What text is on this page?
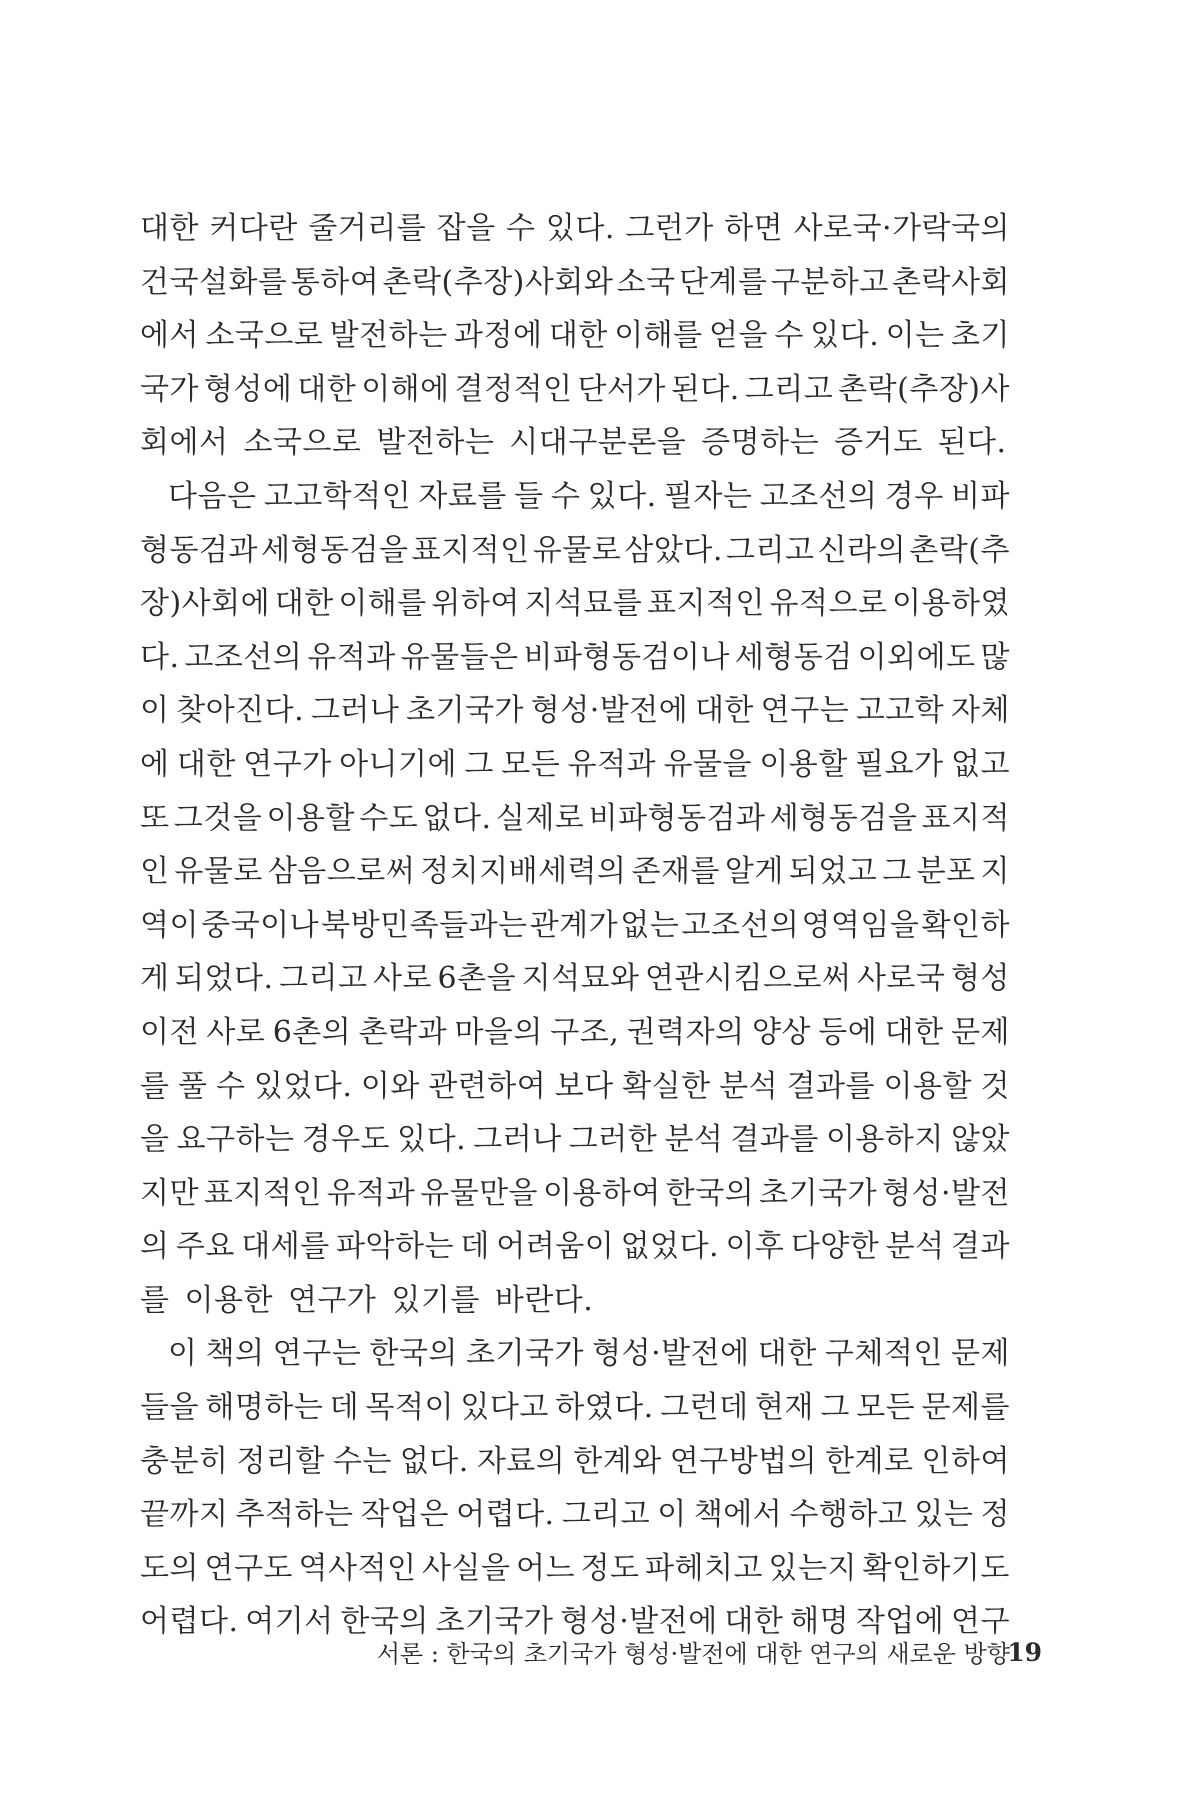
대한 커다란 줄거리를 잡을 수 있다. 그런가 하면 사로국·가락국의
건국설화를 통하여 촌락(추장)사회와 소국 단계를 구분하고 촌락사회
에서 소국으로 발전하는 과정에 대한 이해를 얻을 수 있다. 이는 초기
국가 형성에 대한 이해에 결정적인 단서가 된다. 그리고 촌락(추장)사
회에서 소국으로 발전하는 시대구분론을 증명하는 증거도 된다.
다음은 고고학적인 자료를 들 수 있다. 필자는 고조선의 경우 비파
형동검과 세형동검을 표지적인 유물로 삼았다. 그리고 신라의 촌락(추
장)사회에 대한 이해를 위하여 지석묘를 표지적인 유적으로 이용하였
다. 고조선의 유적과 유물들은 비파형동검이나 세형동검 이외에도 많
이 찾아진다. 그러나 초기국가 형성·발전에 대한 연구는 고고학 자체
에 대한 연구가 아니기에 그 모든 유적과 유물을 이용할 필요가 없고
또 그것을 이용할 수도 없다. 실제로 비파형동검과 세형동검을 표지적
인 유물로 삼음으로써 정치지배세력의 존재를 알게 되었고 그 분포 지
역이 중국이나 북방민족들과는 관계가 없는 고조선의 영역임을 확인하
게 되었다. 그리고 사로 6촌을 지석묘와 연관시킴으로써 사로국 형성
이전 사로 6촌의 촌락과 마을의 구조, 권력자의 양상 등에 대한 문제
를 풀 수 있었다. 이와 관련하여 보다 확실한 분석 결과를 이용할 것
을 요구하는 경우도 있다. 그러나 그러한 분석 결과를 이용하지 않았
지만 표지적인 유적과 유물만을 이용하여 한국의 초기국가 형성·발전
의 주요 대세를 파악하는 데 어려움이 없었다. 이후 다양한 분석 결과
를 이용한 연구가 있기를 바란다.
이 책의 연구는 한국의 초기국가 형성·발전에 대한 구체적인 문제
들을 해명하는 데 목적이 있다고 하였다. 그런데 현재 그 모든 문제를
충분히 정리할 수는 없다. 자료의 한계와 연구방법의 한계로 인하여
끝까지 추적하는 작업은 어렵다. 그리고 이 책에서 수행하고 있는 정
도의 연구도 역사적인 사실을 어느 정도 파헤치고 있는지 확인하기도
어렵다. 여기서 한국의 초기국가 형성·발전에 대한 해명 작업에 연구
서론 : 한국의 초기국가 형성·발전에 대한 연구의 새로운 방향
19
